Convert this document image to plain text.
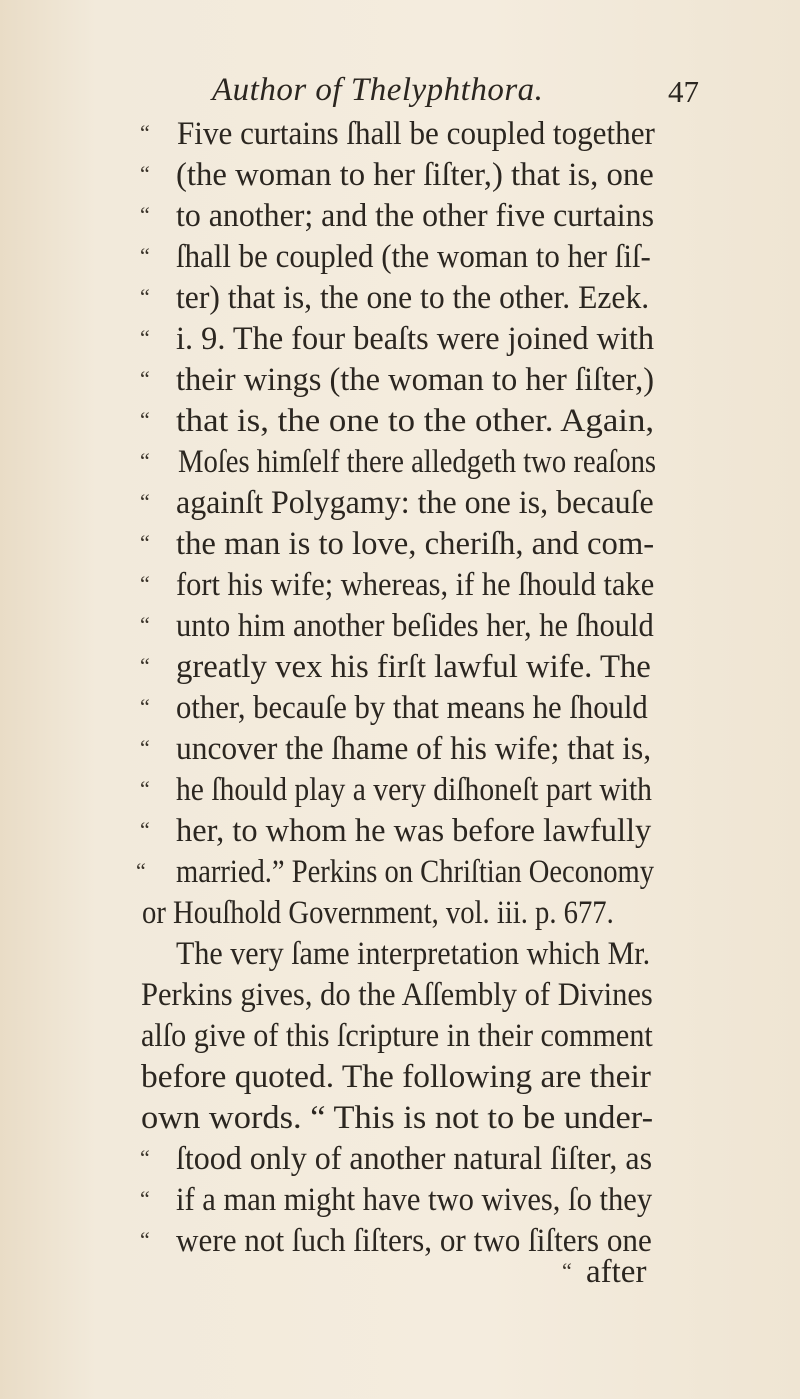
Author of Thelyphthora.	47
“ Five curtains ſhall be coupled together
“ (the woman to her ſiſter,) that is, one
“ to another; and the other five curtains
“ ſhall be coupled (the woman to her ſiſ-
“ ter) that is, the one to the other. Ezek.
“ i. 9. The four beaſts were joined with
“ their wings (the woman to her ſiſter,)
“ that is, the one to the other. Again,
“ Moſes himſelf there alledgeth two reaſons
“ againſt Polygamy: the one is, becauſe
“ the man is to love, cheriſh, and com-
“ fort his wife; whereas, if he ſhould take
“ unto him another beſides her, he ſhould
“ greatly vex his firſt lawful wife. The
“ other, becauſe by that means he ſhould
“ uncover the ſhame of his wife; that is,
“ he ſhould play a very diſhoneſt part with
“ her, to whom he was before lawfully
“ married.” Perkins on Chriſtian Oeconomy
or Houſhold Government, vol. iii. p. 677.
The very ſame interpretation which Mr.
Perkins gives, do the Aſſembly of Divines
alſo give of this ſcripture in their comment
before quoted. The following are their
own words. “ This is not to be under-
“ ſtood only of another natural ſiſter, as
“ if a man might have two wives, ſo they
“ were not ſuch ſiſters, or two ſiſters one
“ after
